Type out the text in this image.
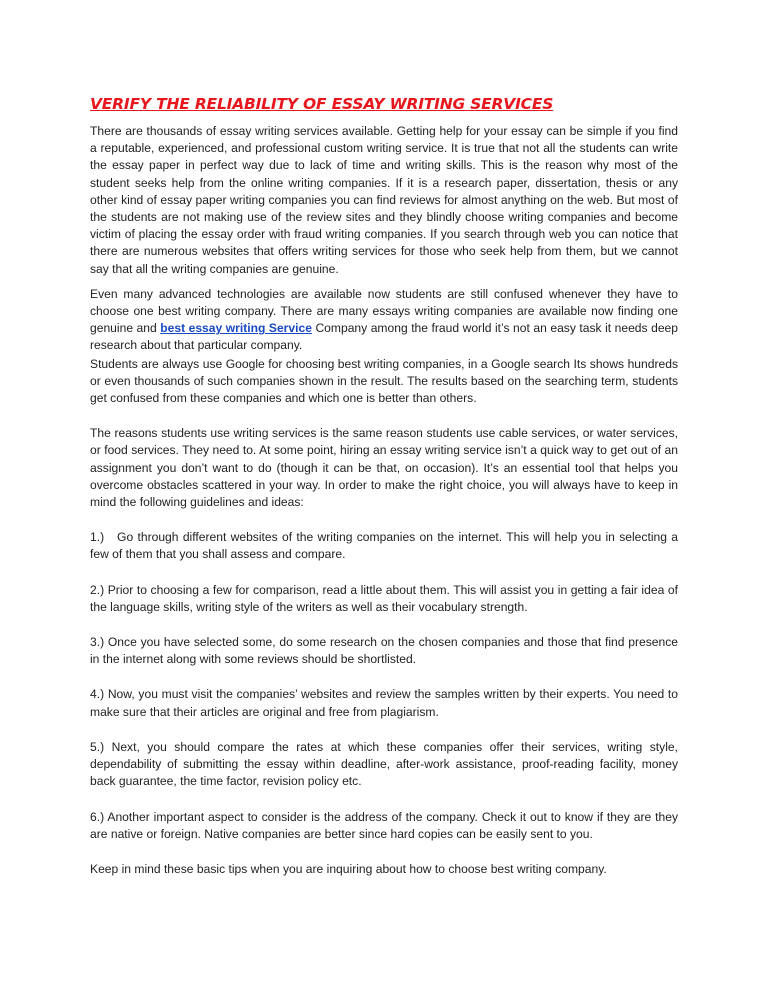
VERIFY THE RELIABILITY OF ESSAY WRITING SERVICES

There are thousands of essay writing services available. Getting help for your essay can be simple if you find a reputable, experienced, and professional custom writing service. It is true that not all the students can write the essay paper in perfect way due to lack of time and writing skills. This is the reason why most of the student seeks help from the online writing companies. If it is a research paper, dissertation, thesis or any other kind of essay paper writing companies you can find reviews for almost anything on the web. But most of the students are not making use of the review sites and they blindly choose writing companies and become victim of placing the essay order with fraud writing companies. If you search through web you can notice that there are numerous websites that offers writing services for those who seek help from them, but we cannot say that all the writing companies are genuine.

Even many advanced technologies are available now students are still confused whenever they have to choose one best writing company. There are many essays writing companies are available now finding one genuine and best essay writing Service Company among the fraud world it’s not an easy task it needs deep research about that particular company.

Students are always use Google for choosing best writing companies, in a Google search Its shows hundreds or even thousands of such companies shown in the result. The results based on the searching term, students get confused from these companies and which one is better than others.

The reasons students use writing services is the same reason students use cable services, or water services, or food services. They need to. At some point, hiring an essay writing service isn’t a quick way to get out of an assignment you don’t want to do (though it can be that, on occasion). It’s an essential tool that helps you overcome obstacles scattered in your way. In order to make the right choice, you will always have to keep in mind the following guidelines and ideas:

1.)   Go through different websites of the writing companies on the internet. This will help you in selecting a few of them that you shall assess and compare.

2.) Prior to choosing a few for comparison, read a little about them. This will assist you in getting a fair idea of the language skills, writing style of the writers as well as their vocabulary strength.

3.) Once you have selected some, do some research on the chosen companies and those that find presence in the internet along with some reviews should be shortlisted.

4.) Now, you must visit the companies’ websites and review the samples written by their experts. You need to make sure that their articles are original and free from plagiarism.

5.) Next, you should compare the rates at which these companies offer their services, writing style, dependability of submitting the essay within deadline, after-work assistance, proof-reading facility, money back guarantee, the time factor, revision policy etc.

6.) Another important aspect to consider is the address of the company. Check it out to know if they are they are native or foreign. Native companies are better since hard copies can be easily sent to you.

Keep in mind these basic tips when you are inquiring about how to choose best writing company.
